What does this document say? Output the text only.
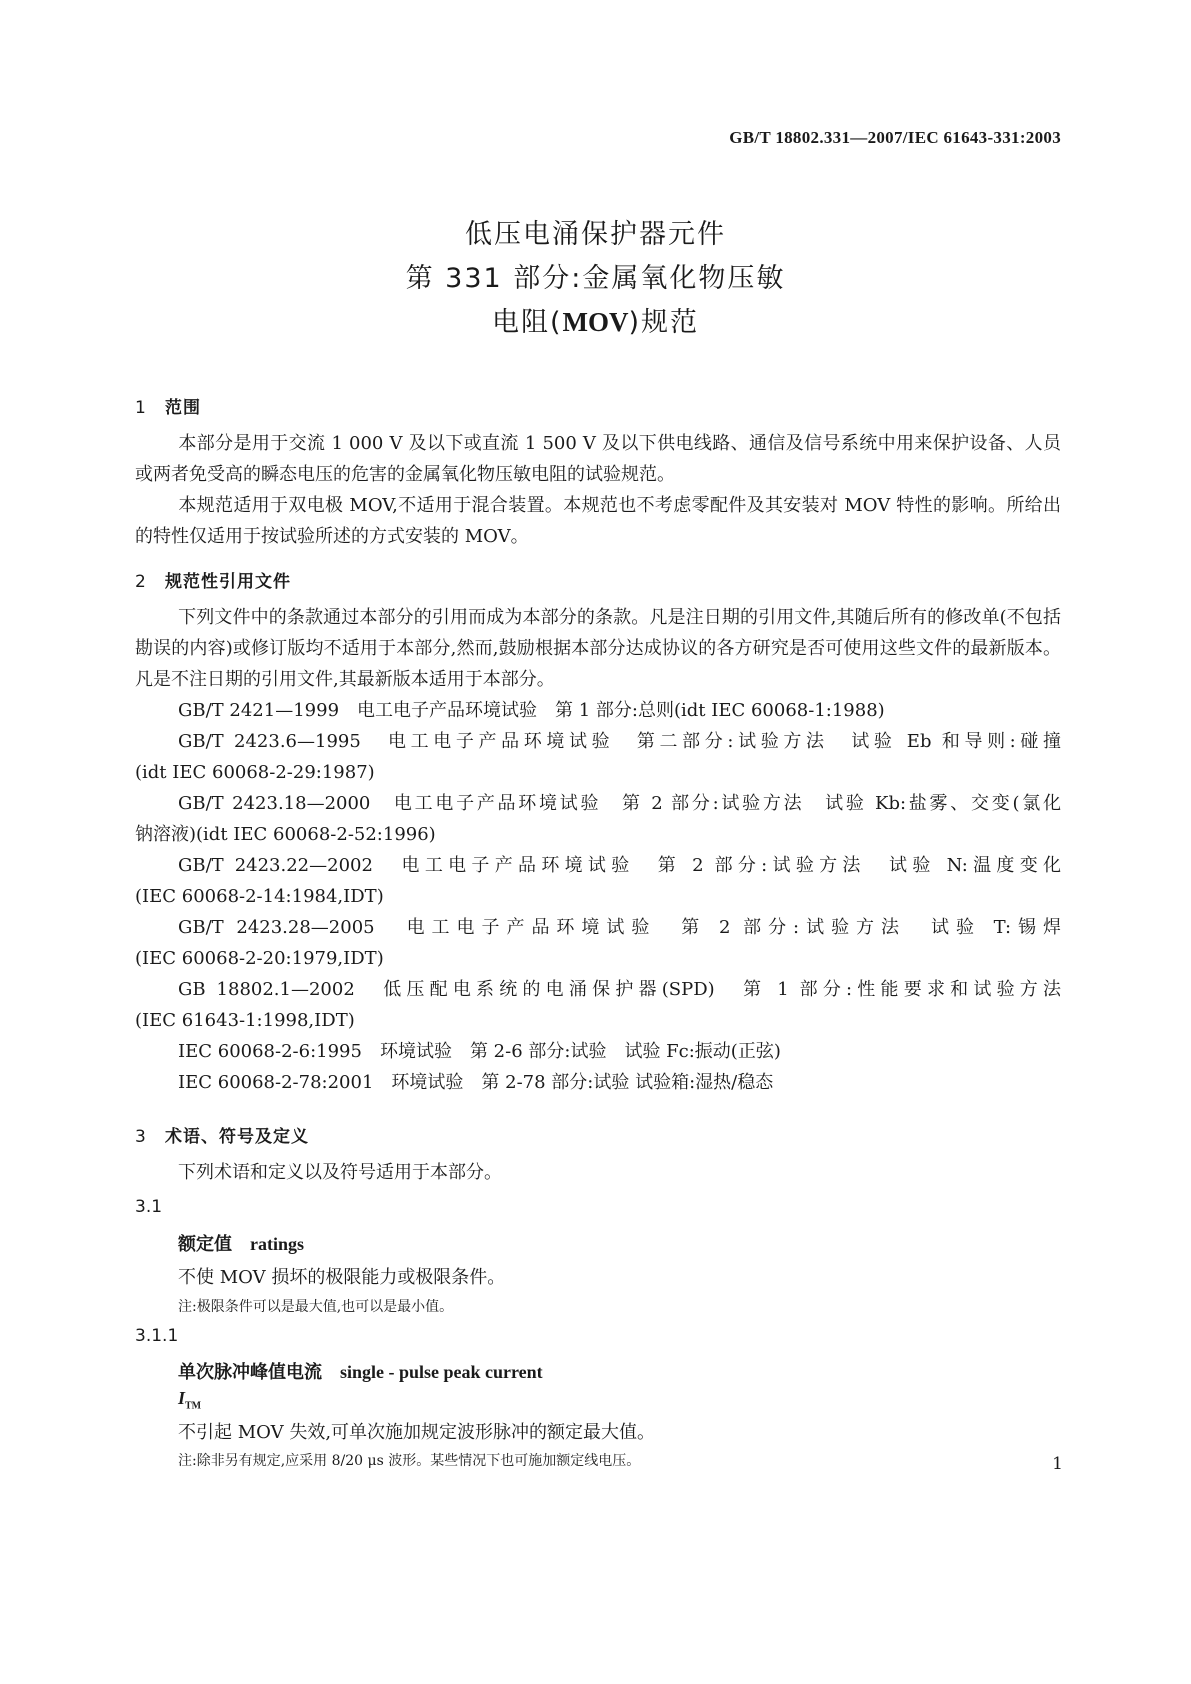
GB/T 18802.331—2007/IEC 61643-331:2003
低压电涌保护器元件
第 331 部分:金属氧化物压敏
电阻(MOV)规范
1 范围
本部分是用于交流 1 000 V 及以下或直流 1 500 V 及以下供电线路、通信及信号系统中用来保护设备、人员或两者免受高的瞬态电压的危害的金属氧化物压敏电阻的试验规范。
本规范适用于双电极 MOV,不适用于混合装置。本规范也不考虑零配件及其安装对 MOV 特性的影响。所给出的特性仅适用于按试验所述的方式安装的 MOV。
2 规范性引用文件
下列文件中的条款通过本部分的引用而成为本部分的条款。凡是注日期的引用文件,其随后所有的修改单(不包括勘误的内容)或修订版均不适用于本部分,然而,鼓励根据本部分达成协议的各方研究是否可使用这些文件的最新版本。凡是不注日期的引用文件,其最新版本适用于本部分。
GB/T 2421—1999　电工电子产品环境试验　第 1 部分:总则(idt IEC 60068-1:1988)
GB/T 2423.6—1995　电工电子产品环境试验　第二部分:试验方法　试验 Eb 和导则:碰撞
(idt IEC 60068-2-29:1987)
GB/T 2423.18—2000　电工电子产品环境试验　第 2 部分:试验方法　试验 Kb:盐雾、交变(氯化
钠溶液)(idt IEC 60068-2-52:1996)
GB/T 2423.22—2002　电工电子产品环境试验　第 2 部分:试验方法　试验 N:温度变化
(IEC 60068-2-14:1984,IDT)
GB/T 2423.28—2005　电工电子产品环境试验　第 2 部分:试验方法　试验 T:锡焊
(IEC 60068-2-20:1979,IDT)
GB 18802.1—2002　低压配电系统的电涌保护器(SPD)　第 1 部分:性能要求和试验方法
(IEC 61643-1:1998,IDT)
IEC 60068-2-6:1995　环境试验　第 2-6 部分:试验　试验 Fc:振动(正弦)
IEC 60068-2-78:2001　环境试验　第 2-78 部分:试验 试验箱:湿热/稳态
3 术语、符号及定义
下列术语和定义以及符号适用于本部分。
3.1
额定值 ratings
不使 MOV 损坏的极限能力或极限条件。
注:极限条件可以是最大值,也可以是最小值。
3.1.1
单次脉冲峰值电流 single - pulse peak current
$I_{TM}$
不引起 MOV 失效,可单次施加规定波形脉冲的额定最大值。
注:除非另有规定,应采用 8/20 μs 波形。某些情况下也可施加额定线电压。	1
